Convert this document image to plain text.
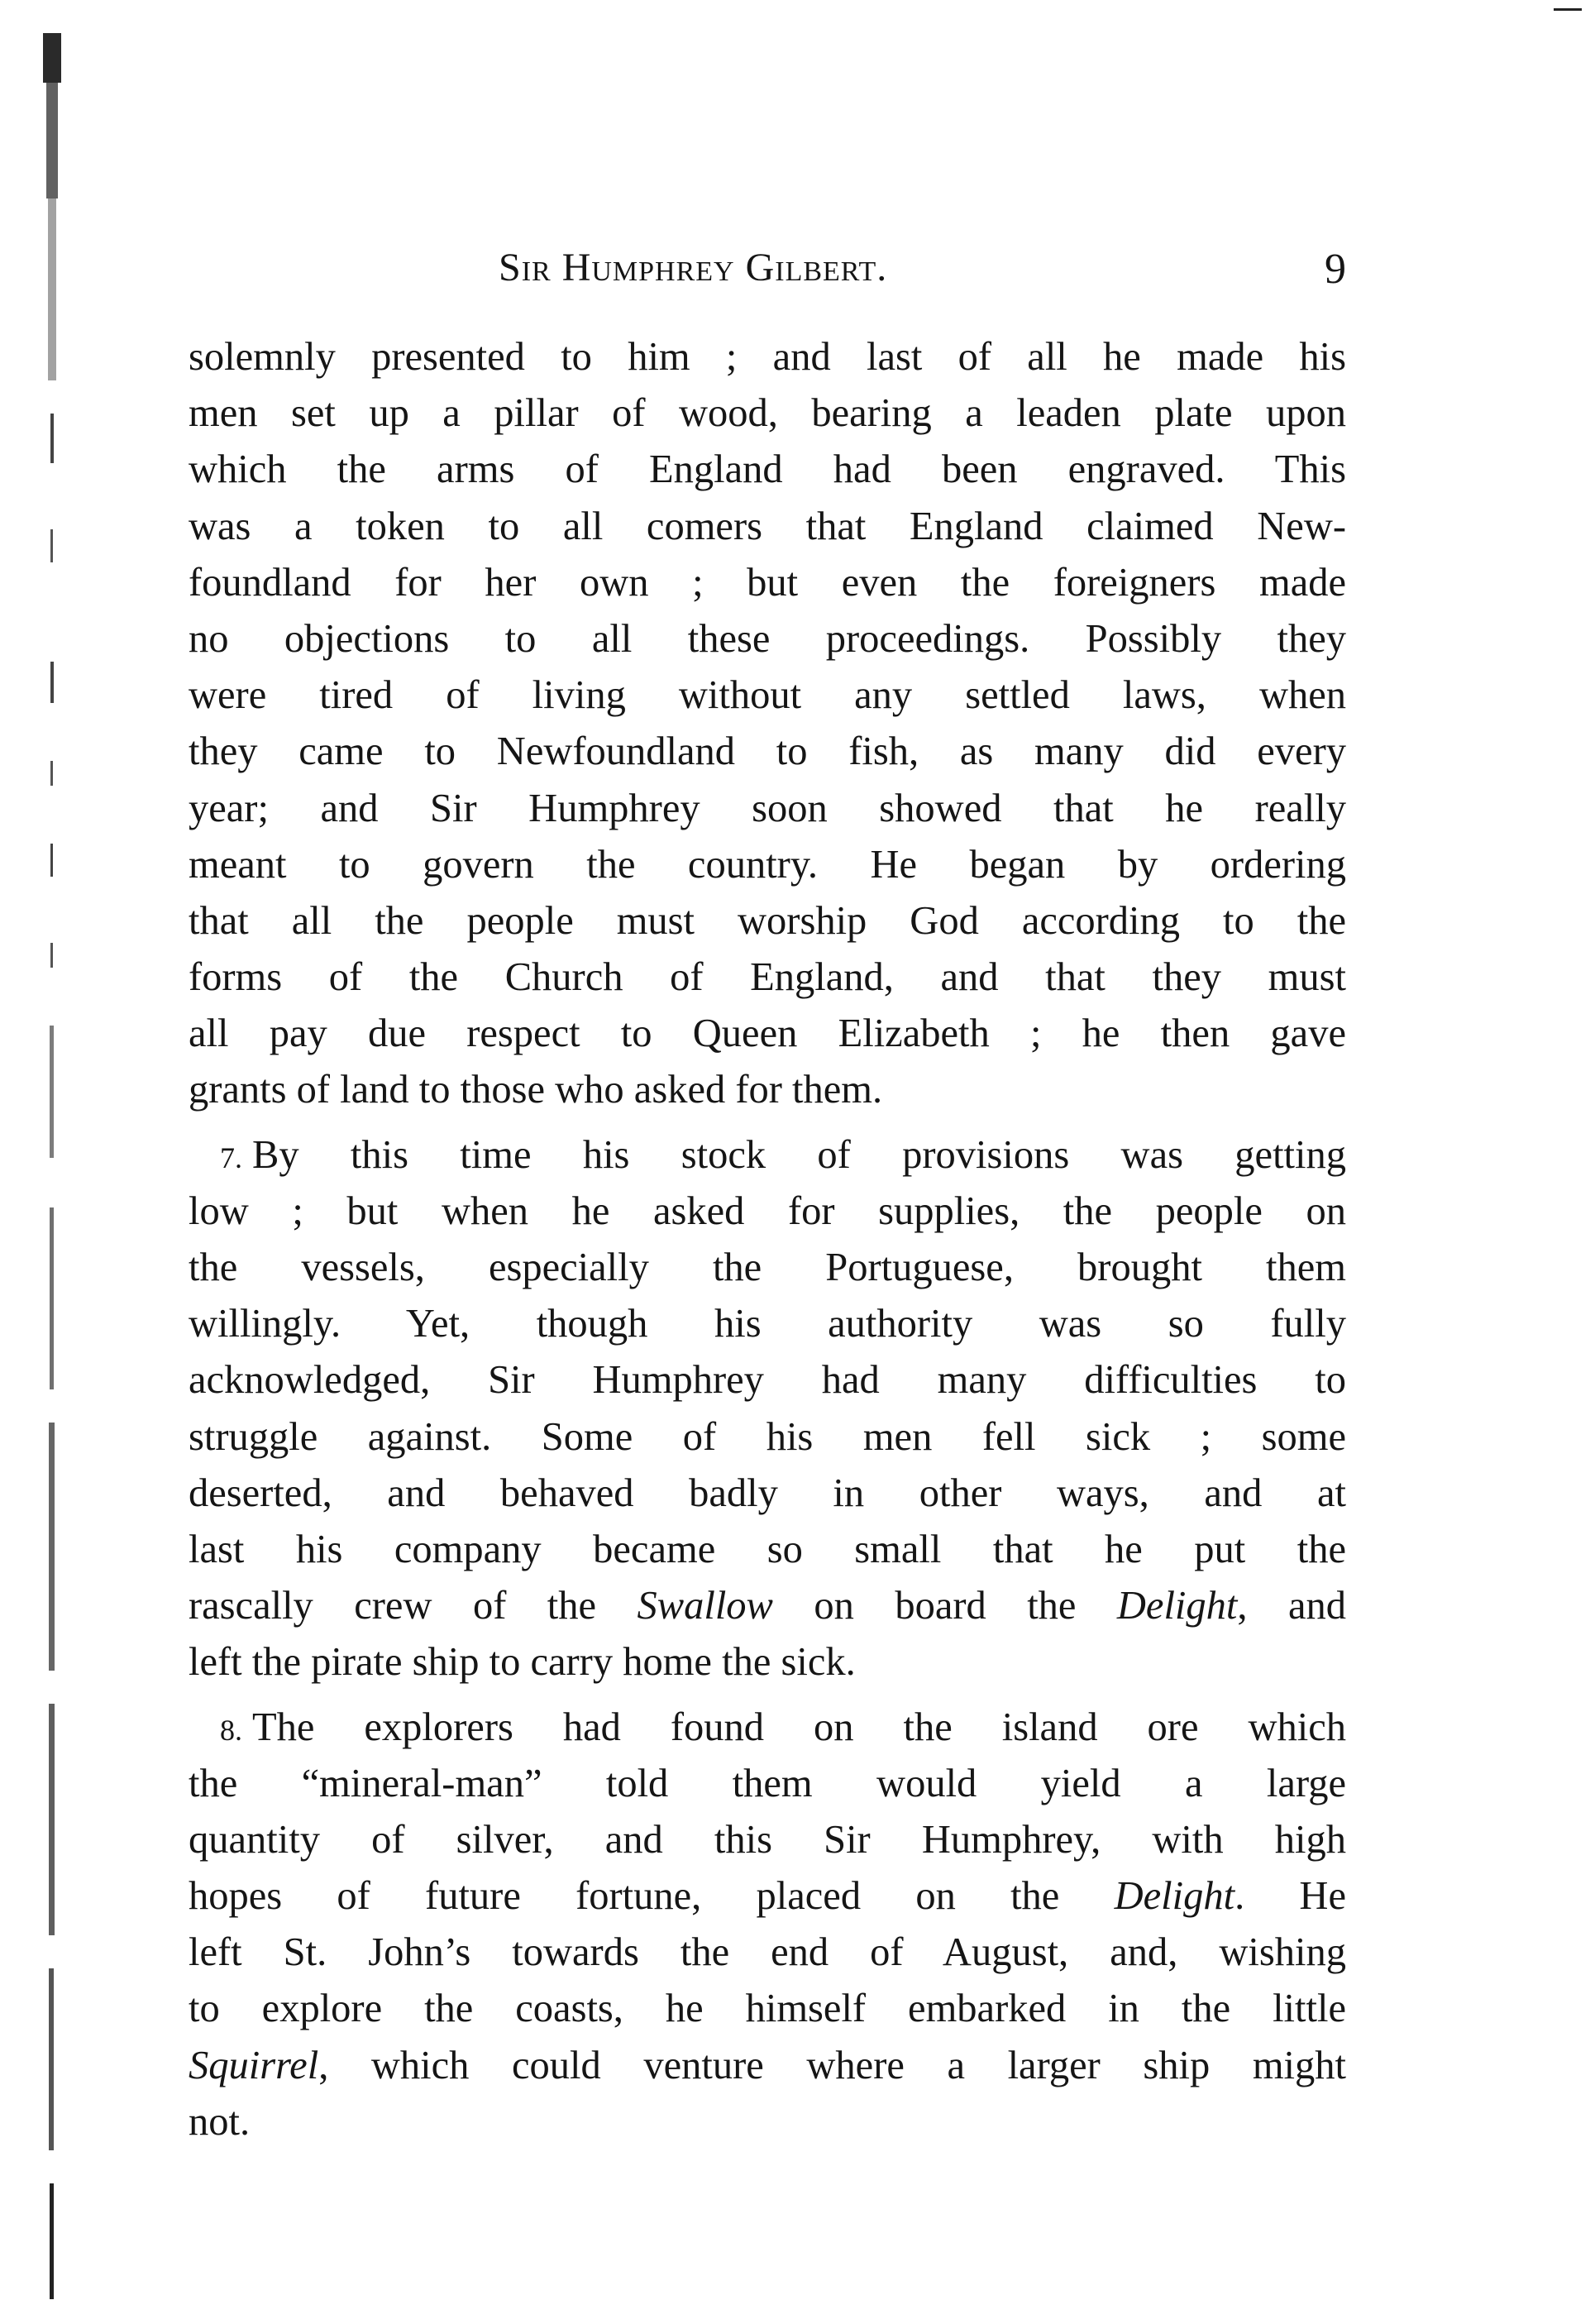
Sir Humphrey Gilbert.	9
solemnly presented to him ; and last of all he made his
men set up a pillar of wood, bearing a leaden plate upon
which the arms of England had been engraved. This
was a token to all comers that England claimed New-
foundland for her own ; but even the foreigners made
no objections to all these proceedings. Possibly they
were tired of living without any settled laws, when
they came to Newfoundland to fish, as many did every
year; and Sir Humphrey soon showed that he really
meant to govern the country. He began by ordering
that all the people must worship God according to the
forms of the Church of England, and that they must
all pay due respect to Queen Elizabeth ; he then gave
grants of land to those who asked for them.
7. By this time his stock of provisions was getting
low ; but when he asked for supplies, the people on
the vessels, especially the Portuguese, brought them
willingly. Yet, though his authority was so fully
acknowledged, Sir Humphrey had many difficulties to
struggle against. Some of his men fell sick ; some
deserted, and behaved badly in other ways, and at
last his company became so small that he put the
rascally crew of the Swallow on board the Delight, and
left the pirate ship to carry home the sick.
8. The explorers had found on the island ore which
the “mineral-man” told them would yield a large
quantity of silver, and this Sir Humphrey, with high
hopes of future fortune, placed on the Delight. He
left St. John’s towards the end of August, and, wishing
to explore the coasts, he himself embarked in the little
Squirrel, which could venture where a larger ship might
not.
